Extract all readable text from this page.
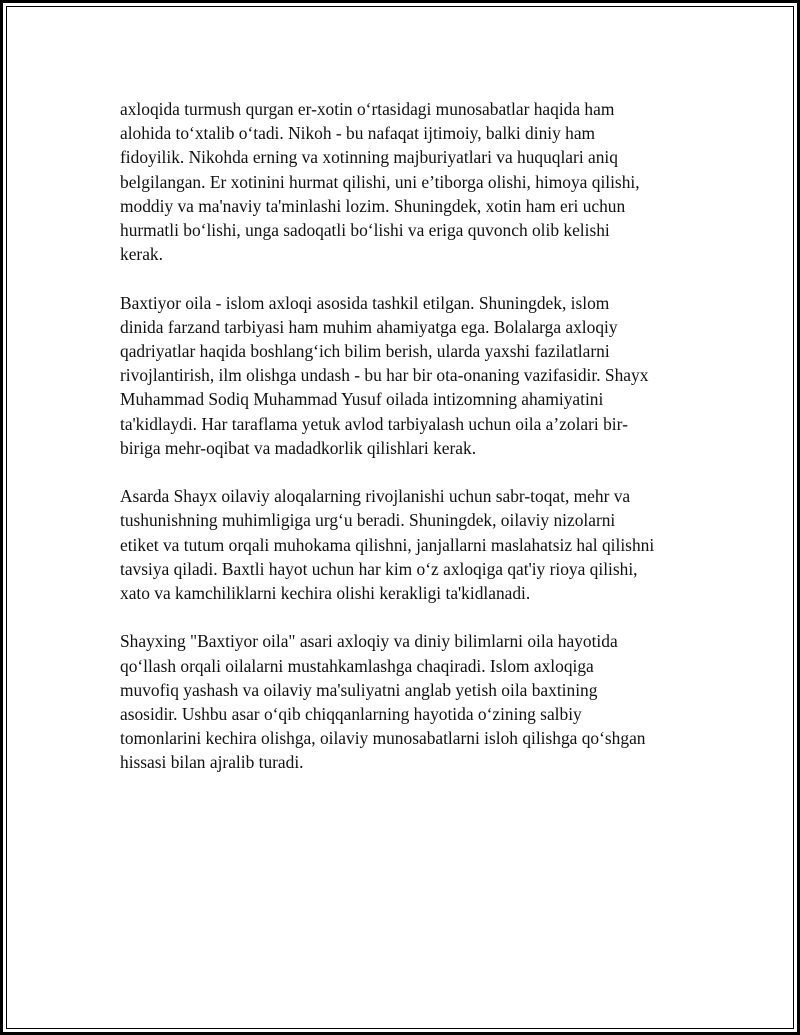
axloqida turmush qurgan er-xotin o‘rtasidagi munosabatlar haqida ham
alohida to‘xtalib o‘tadi. Nikoh - bu nafaqat ijtimoiy, balki diniy ham
fidoyilik. Nikohda erning va xotinning majburiyatlari va huquqlari aniq
belgilangan. Er xotinini hurmat qilishi, uni e’tiborga olishi, himoya qilishi,
moddiy va ma'naviy ta'minlashi lozim. Shuningdek, xotin ham eri uchun
hurmatli bo‘lishi, unga sadoqatli bo‘lishi va eriga quvonch olib kelishi
kerak.

Baxtiyor oila - islom axloqi asosida tashkil etilgan. Shuningdek, islom
dinida farzand tarbiyasi ham muhim ahamiyatga ega. Bolalarga axloqiy
qadriyatlar haqida boshlang‘ich bilim berish, ularda yaxshi fazilatlarni
rivojlantirish, ilm olishga undash - bu har bir ota-onaning vazifasidir. Shayx
Muhammad Sodiq Muhammad Yusuf oilada intizomning ahamiyatini
ta'kidlaydi. Har taraflama yetuk avlod tarbiyalash uchun oila a’zolari bir-
biriga mehr-oqibat va madadkorlik qilishlari kerak.

Asarda Shayx oilaviy aloqalarning rivojlanishi uchun sabr-toqat, mehr va
tushunishning muhimligiga urg‘u beradi. Shuningdek, oilaviy nizolarni
etiket va tutum orqali muhokama qilishni, janjallarni maslahatsiz hal qilishni
tavsiya qiladi. Baxtli hayot uchun har kim o‘z axloqiga qat'iy rioya qilishi,
xato va kamchiliklarni kechira olishi kerakligi ta'kidlanadi.

Shayxing "Baxtiyor oila" asari axloqiy va diniy bilimlarni oila hayotida
qo‘llash orqali oilalarni mustahkamlashga chaqiradi. Islom axloqiga
muvofiq yashash va oilaviy ma'suliyatni anglab yetish oila baxtining
asosidir. Ushbu asar o‘qib chiqqanlarning hayotida o‘zining salbiy
tomonlarini kechira olishga, oilaviy munosabatlarni isloh qilishga qo‘shgan
hissasi bilan ajralib turadi.
